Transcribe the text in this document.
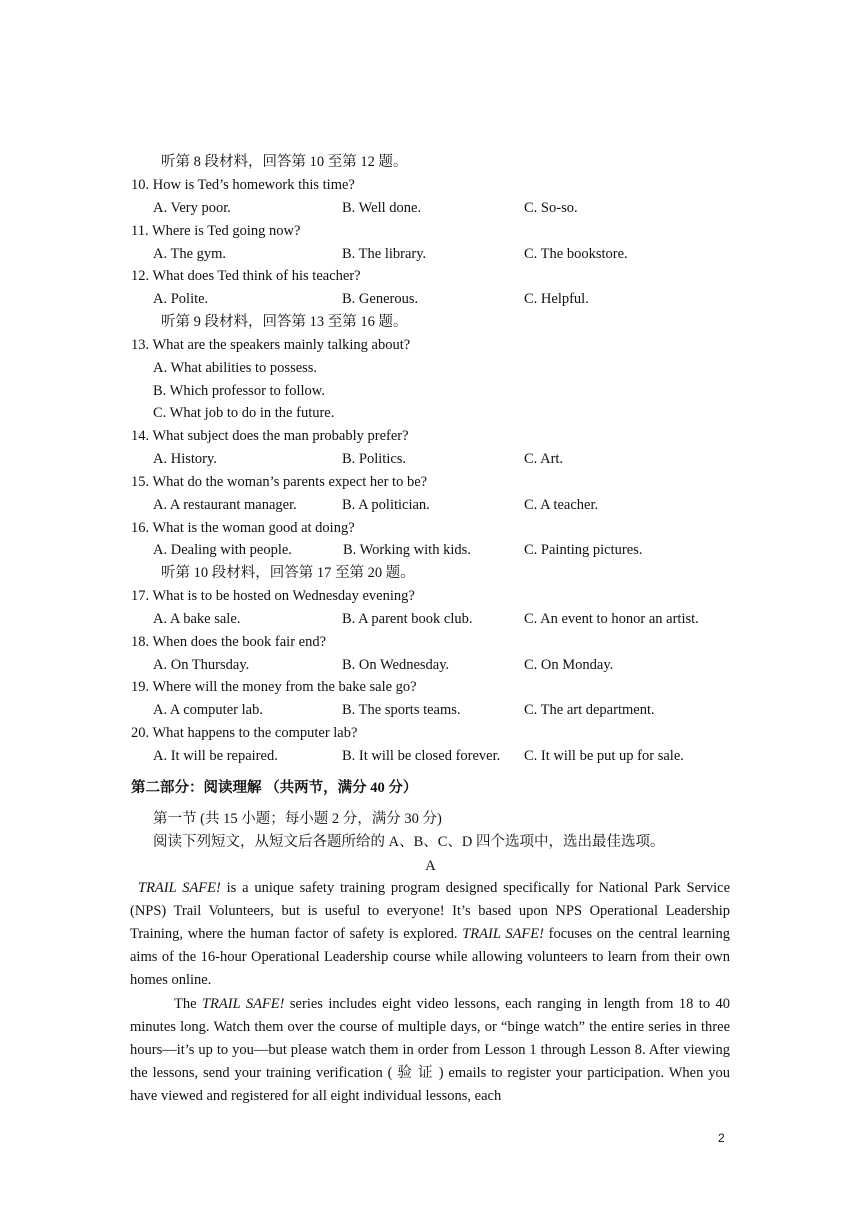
听第 8 段材料，回答第 10 至第 12 题。
10. How is Ted’s homework this time?
A. Very poor.	B. Well done.	C. So-so.
11. Where is Ted going now?
A. The gym.	B. The library.	C. The bookstore.
12. What does Ted think of his teacher?
A. Polite.	B. Generous.	C. Helpful.
听第 9 段材料，回答第 13 至第 16 题。
13. What are the speakers mainly talking about?
A. What abilities to possess.
B. Which professor to follow.
C. What job to do in the future.
14. What subject does the man probably prefer?
A. History.	B. Politics.	C. Art.
15. What do the woman’s parents expect her to be?
A. A restaurant manager.	B. A politician.	C. A teacher.
16. What is the woman good at doing?
A. Dealing with people.	B. Working with kids.	C. Painting pictures.
听第 10 段材料，回答第 17 至第 20 题。
17. What is to be hosted on Wednesday evening?
A. A bake sale.	B. A parent book club.	C. An event to honor an artist.
18. When does the book fair end?
A. On Thursday.	B. On Wednesday.	C. On Monday.
19. Where will the money from the bake sale go?
A. A computer lab.	B. The sports teams.	C. The art department.
20. What happens to the computer lab?
A. It will be repaired.	B. It will be closed forever. C. It will be put up for sale.
第二部分：阅读理解 （共两节，满分 40 分）
第一节 (共 15 小题；每小题 2 分，满分 30 分)
阅读下列短文，从短文后各题所给的 A、B、C、D 四个选项中，选出最佳选项。
A
TRAIL SAFE! is a unique safety training program designed specifically for National Park Service (NPS) Trail Volunteers, but is useful to everyone! It’s based upon NPS Operational Leadership Training, where the human factor of safety is explored. TRAIL SAFE! focuses on the central learning aims of the 16-hour Operational Leadership course while allowing volunteers to learn from their own homes online.
The TRAIL SAFE! series includes eight video lessons, each ranging in length from 18 to 40 minutes long. Watch them over the course of multiple days, or “binge watch” the entire series in three hours—it’s up to you—but please watch them in order from Lesson 1 through Lesson 8. After viewing the lessons, send your training verification ( 验 证 ) emails to register your participation. When you have viewed and registered for all eight individual lessons, each
2
